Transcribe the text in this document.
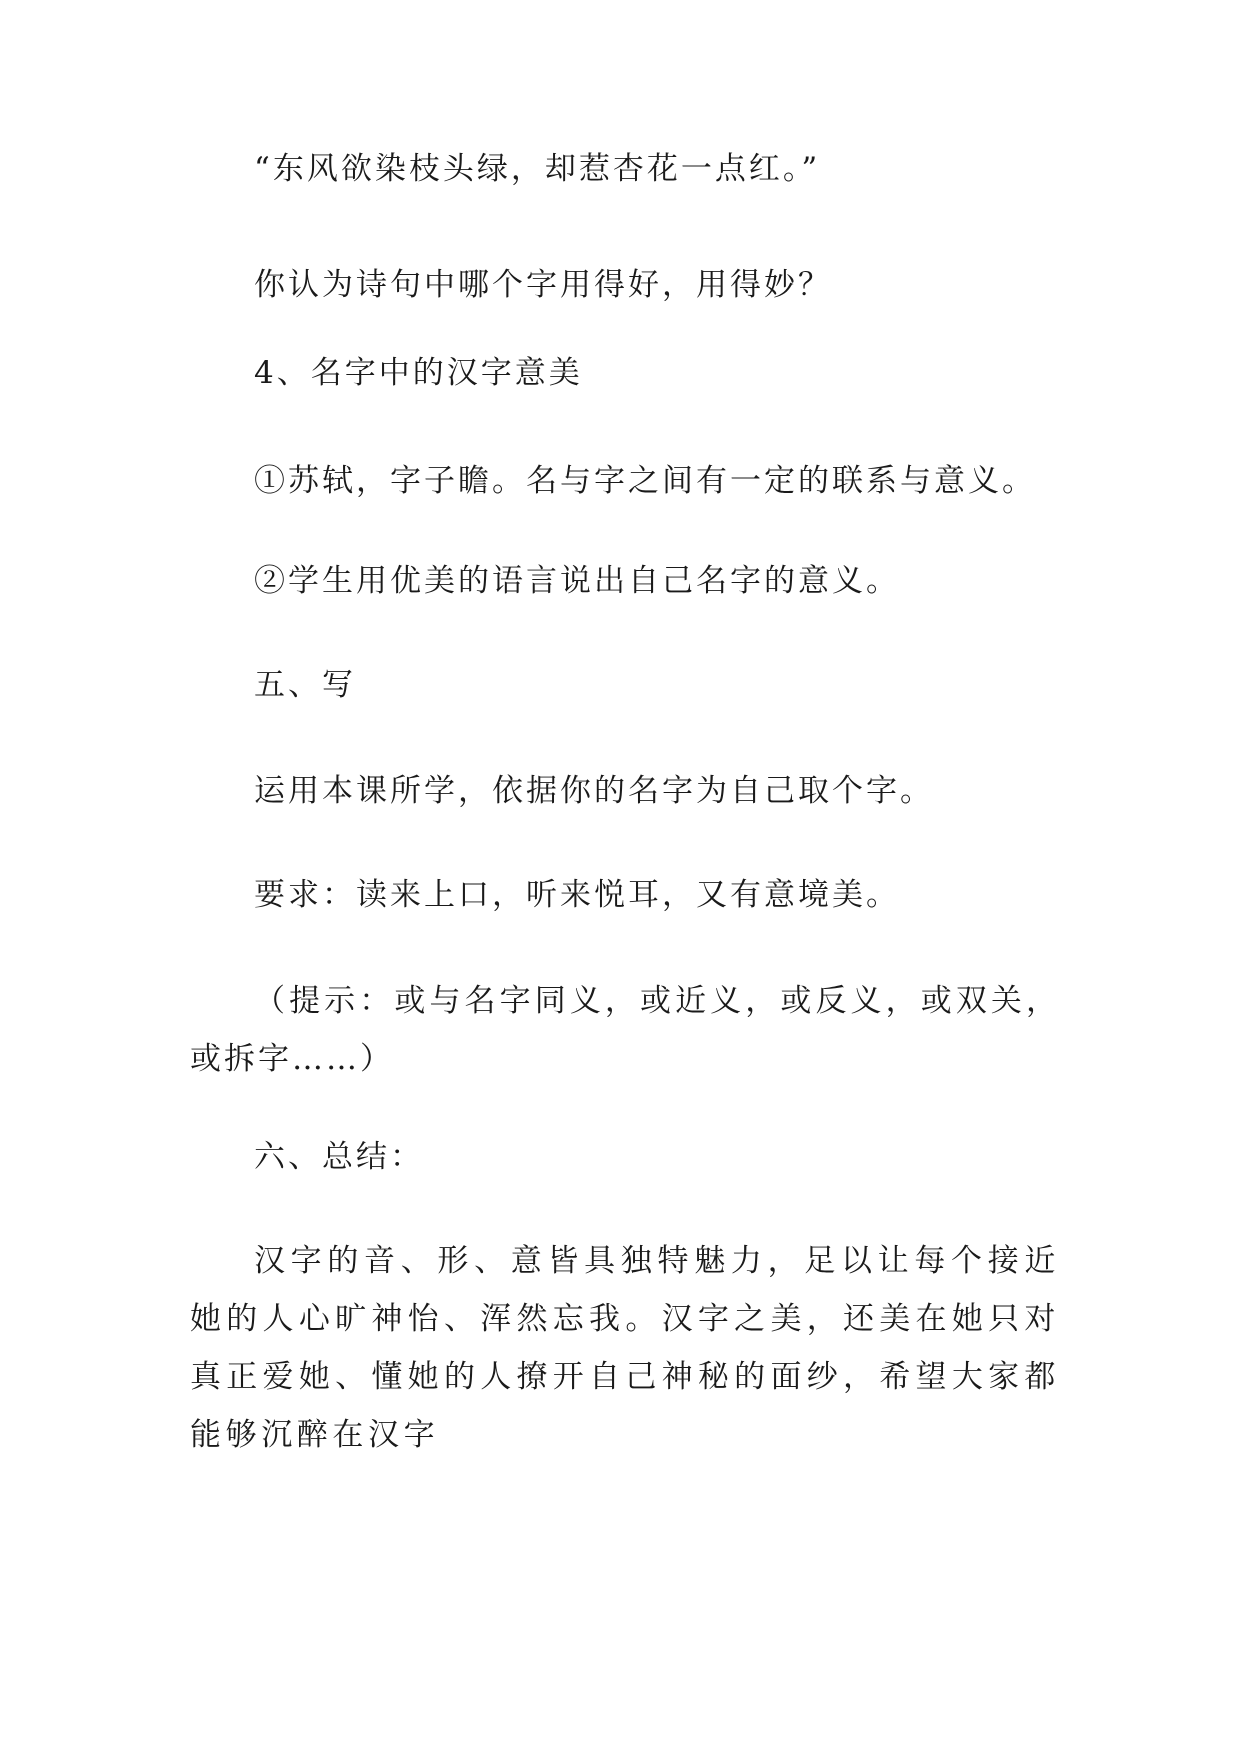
“东风欲染枝头绿，却惹杏花一点红。”

你认为诗句中哪个字用得好，用得妙？

4、名字中的汉字意美

①苏轼，字子瞻。名与字之间有一定的联系与意义。

②学生用优美的语言说出自己名字的意义。

五、写

运用本课所学，依据你的名字为自己取个字。

要求：读来上口，听来悦耳，又有意境美。

（提示：或与名字同义，或近义，或反义，或双关，或拆字……）

六、总结：

汉字的音、形、意皆具独特魅力，足以让每个接近她的人心旷神怡、浑然忘我。汉字之美，还美在她只对真正爱她、懂她的人撩开自己神秘的面纱，希望大家都能够沉醉在汉字
